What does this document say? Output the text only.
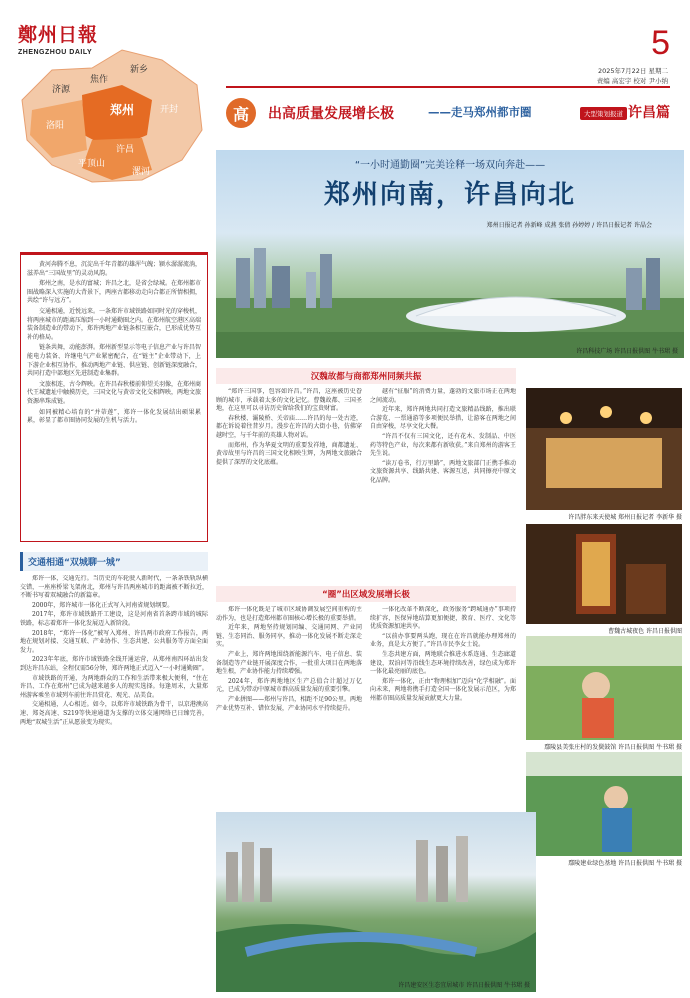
鄭州日報
ZHENGZHOU DAILY
新乡
焦作
济源
开封
洛阳
郑州
许昌
平顶山
漯河
5
2025年7月22日 星期二
责编 高宏宇 校对 尹小纳
高	出高质量发展增长极	——走马郑州都市圈	大型策划报道 许昌篇
“一小时通勤圈”完美诠释一场双向奔赴——
郑州向南，许昌向北
郑州日报记者 孙新峰 成燕 张倩 孙婷婷 / 许昌日报记者 许晶会
许昌科技广场 许昌日报供图 牛书珺 摄

黄河奔腾不息，沉淀出千年青都的雄浑气魄；颍水潺潺流淌，滋养出“三国故里”的灵动风韵。

郑州之南，是水的富城；许昌之北，是省会绿城。在郑州都市圈战略深入实施的大背景下，两座古都移动走向合都正所情相拥，共绘“许与远方”。

交通相通，近悦远来。一条郑许市域铁路如同时光的穿梭机，将两座城市的距离压缩到一小时通勤圈之内。在郑州航空港区高端装备制造业的带动下，郑许两地产业链条相互嵌合，已形成优势互补的格局。

链条共舞，动能澎湃。郑州新型显示等电子信息产业与许昌智能电力装备、许继电气产业紧密配合，在“链主”企业带动下，上下游企业相互协作，推动两地产业链、供应链、创新链深度融合，共同打造中部地区先进制造业集群。

文旅相连，古今辉映。在许昌春秋楼前仰望关羽像，在郑州商代王城遗址中触摸历史，三国文化与黄帝文化交相辉映，两地文旅资源串珠成链。

如同被精心培育的“并蒂莲”，郑许一体化发展结出硕果累累，彰显了都市圈协同发展的生机与活力。

交通相通“双城聊一城”

郑许一体，交通先行。当历史的车轮驶入新时代，一条条铁轨纵横交错，一座座桥梁飞架南北，郑州与许昌两座城市的距离被不断拉近，不断书写着双城融合的新篇章。

2000年，郑许城市一体化正式写入河南省规划纲要。

2017年，郑许市域铁路开工建设，这是河南省首条跨市域的城际铁路，标志着郑许一体化发展迈入新阶段。

2018年，“郑许一体化”被写入郑州、许昌两市政府工作报告，两地在规划对接、交通互联、产业协作、生态共建、公共服务等方面全面发力。

2023年年底，郑许市域铁路全线开通运营，从郑州南四环站出发到达许昌东站，全程仅需56分钟，郑许两地正式迈入“一小时通勤圈”。

市域铁路的开通，为两地群众的工作和生活带来极大便利，“住在许昌、工作在郑州”已成为越来越多人的现实选择。每逢周末，大量郑州游客乘坐市域列车前往许昌赏花、观光、品美食。

交通相通，人心相近。如今，以郑许市域铁路为骨干，以京港澳高速、郑尧高速、S219等快速通道为支撑的立体交通网络已日臻完善，两地“双城生活”正从愿景变为现实。

汉魏故都与商都郑州同频共振

“郑许三国事，包容如许昌。”许昌，这座被历史眷顾的城市，承载着太多的文化记忆。曹魏故都、三国圣地，在这里可以寻访历史留给我们的宝贵财富。

春秋楼、灞陵桥、关帝庙……许昌的每一处古迹，都在诉说着往昔岁月。漫步在许昌的大街小巷，仿佛穿越时空，与千年前的英雄人物对话。

而郑州，作为华夏文明的重要发祥地，商都遗址、黄帝故里与许昌的三国文化相映生辉，为两地文旅融合提供了深厚的文化底蕴。

越有“征服”的消费力量，蓬勃的文旅市场正在两地之间流动。

近年来，郑许两地共同打造文旅精品线路，推出联合游览、一票通游等多项便民举措，让游客在两地之间自由穿梭，尽享文化大餐。

“许昌不仅有三国文化，还有花木、发制品、中医药等特色产业，每次来都有新收获。”来自郑州的游客王先生说。

“读万卷书，行万里路”，两地文旅部门正携手推动文旅资源共享、线路共建、客源互送，共同擦亮中原文化品牌。

“圈”出区域发展增长极

郑许一体化既是了城市区域协调发展空间重构的主动作为，也是打造郑州都市圈核心增长极的重要举措。

近年来，两地坚持规划同编、交通同网、产业同链、生态同治、服务同享，推动一体化发展不断走深走实。

产业上，郑许两地围绕新能源汽车、电子信息、装备制造等产业链开展深度合作，一批重大项目在两地落地生根，产业协作能力持续增强。

2024年，郑许两地地区生产总值合计超过万亿元，已成为带动中原城市群高质量发展的重要引擎。

产业拼图——郑州与许昌，相距不足90公里。两地产业优势互补、错位发展，产业协同水平持续提升。

一体化改革不断深化，政务服务“跨城通办”事项持续扩容，医保异地结算更加便捷，教育、医疗、文化等优质资源加速共享。

“以前办事要两头跑，现在在许昌就能办理郑州的业务，真是太方便了。”许昌市民李女士说。

生态共建方面，两地联合推进水系连通、生态廊道建设，双洎河等沿线生态环境持续改善，绿色成为郑许一体化最亮丽的底色。

郑许一体化，正由“物理相加”迈向“化学相融”。面向未来，两地将携手打造全国一体化发展示范区，为郑州都市圈高质量发展贡献更大力量。

许昌胖东来天使城 郑州日报记者 李新华 摄
曹魏古城夜色 许昌日报供图
鄢陵县美张庄村的发鬓鼓馆 许昌日报供图 牛书珺 摄
鄢陵建业绿色基地 许昌日报供图 牛书珺 摄
许昌建安区生态宜居城市 许昌日报供图 牛书珺 摄
